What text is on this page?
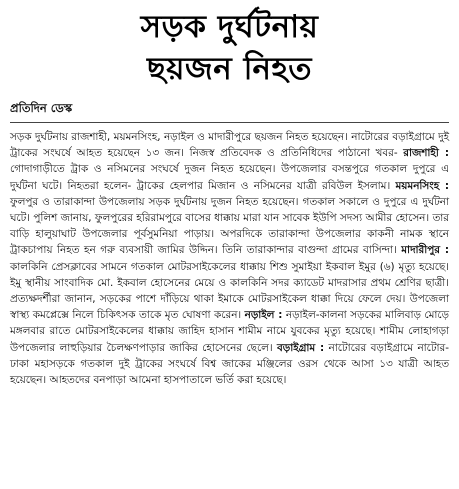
সড়ক দুর্ঘটনায়
ছয়জন নিহত
প্রতিদিন ডেস্ক

সড়ক দুর্ঘটনায় রাজশাহী, ময়মনসিংহ, নড়াইল ও মাদারীপুরে ছয়জন নিহত হয়েছেন। নাটোরের বড়াইগ্রামে দুই ট্রাকের সংঘর্ষে আহত হয়েছেন ১৩ জন। নিজস্ব প্রতিবেদক ও প্রতিনিধিদের পাঠানো খবর- রাজশাহী : গোদাগাড়ীতে ট্রাক ও নসিমনের সংঘর্ষে দুজন নিহত হয়েছেন। উপজেলার বসন্তপুরে গতকাল দুপুরে এ দুর্ঘটনা ঘটে। নিহতরা হলেন- ট্রাকের হেলপার মিজান ও নসিমনের যাত্রী রবিউল ইসলাম। ময়মনসিংহ : ফুলপুর ও তারাকান্দা উপজেলায় সড়ক দুর্ঘটনায় দুজন নিহত হয়েছেন। গতকাল সকালে ও দুপুরে এ দুর্ঘটনা ঘটে। পুলিশ জানায়, ফুলপুরের হরিরামপুরে বাসের ধাক্কায় মারা যান সাবেক ইউপি সদস্য আমীর হোসেন। তার বাড়ি হালুয়াঘাট উপজেলার পূর্বসুমনিয়া পাড়ায়। অপরদিকে তারাকান্দা উপজেলার কাকনী নামক স্থানে ট্রাকচাপায় নিহত হন গরু ব্যবসায়ী জামির উদ্দিন। তিনি তারাকান্দার বাগুন্দা গ্রামের বাসিন্দা। মাদারীপুর : কালকিনি প্রেসক্লাবের সামনে গতকাল মোটরসাইকেলের ধাক্কায় শিশু সুমাইয়া ইকবাল ইমুর (৬) মৃত্যু হয়েছে। ইমু স্থানীয় সাংবাদিক মো. ইকবাল হোসেনের মেয়ে ও কালকিনি সদর ক্যাডেট মাদরাসার প্রথম শ্রেণির ছাত্রী। প্রত্যক্ষদর্শীরা জানান, সড়কের পাশে দাঁড়িয়ে থাকা ইমাকে মোটরসাইকেল ধাক্কা দিয়ে ফেলে দেয়। উপজেলা স্বাস্থ্য কমপ্লেক্সে নিলে চিকিৎসক তাকে মৃত ঘোষণা করেন। নড়াইল : নড়াইল-কালনা সড়কের মালিবাড় মোড়ে মঙ্গলবার রাতে মোটরসাইকেলের ধাক্কায় জাহিদ হাসান শামীম নামে যুবকের মৃত্যু হয়েছে। শামীম লোহাগড়া উপজেলার লাহুড়িয়ার চৈলক্ষণপাড়ার জাকির হোসেনের ছেলে। বড়াইগ্রাম : নাটোরের বড়াইগ্রামে নাটোর-ঢাকা মহাসড়কে গতকাল দুই ট্রাকের সংঘর্ষে বিশ্ব জাকের মঞ্জিলের ওরস থেকে আসা ১৩ যাত্রী আহত হয়েছেন। আহতদের বনপাড়া আমেনা হাসপাতালে ভর্তি করা হয়েছে।
